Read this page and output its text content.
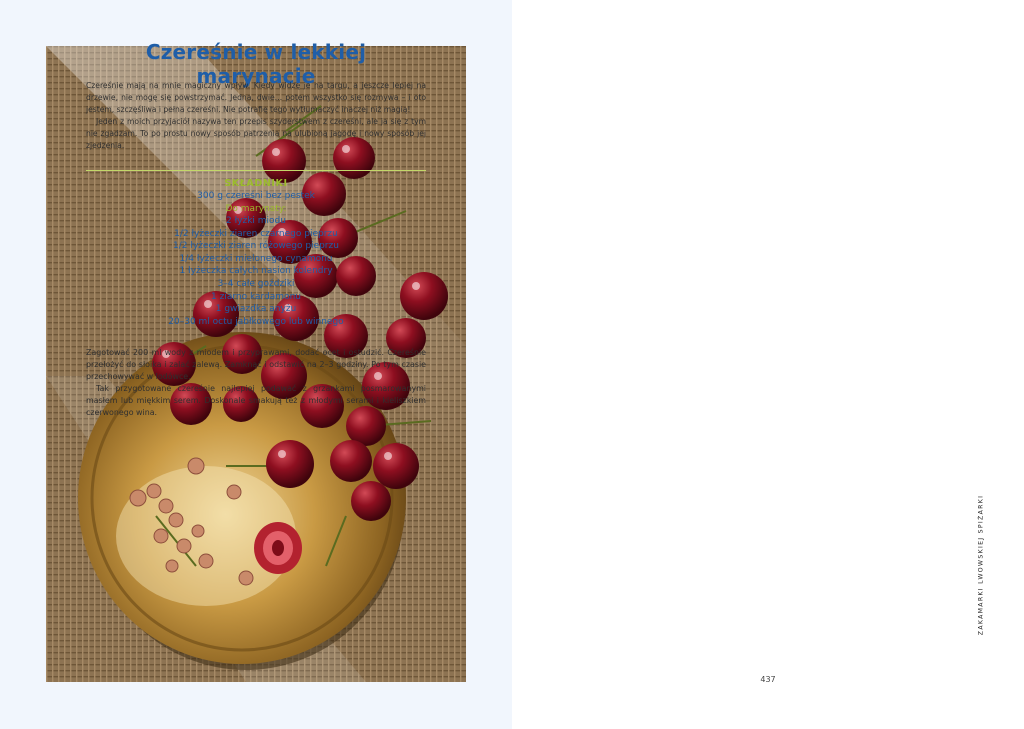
Czereśnie w lekkiej marynacie

Czereśnie mają na mnie magiczny wpływ. Kiedy widzę je na targu, a jeszcze lepiej na drzewie, nie mogę się powstrzymać. Jedna, dwie… potem wszystko się rozmywa – i oto jestem, szczęśliwa i pełna czereśni. Nie potrafię tego wytłumaczyć inaczej niż magią!

Jeden z moich przyjaciół nazywa ten przepis szyderstwem z czereśni, ale ja się z tym nie zgadzam. To po prostu nowy sposób patrzenia na ulubioną jagodę i nowy sposób jej zjedzenia.

SKŁADNIKI
300 g czereśni bez pestek
Do marynaty:
2 łyżki miodu
1/2 łyżeczki ziaren czarnego pieprzu
1/2 łyżeczki ziaren różowego pieprzu
1/4 łyżeczki mielonego cynamonu
1 łyżeczka całych nasion kolendry
3–4 całe goździki
1 ziarno kardamonu
1 gwiazdka anyżu
20–30 ml octu jabłkowego lub winnego

Zagotować 200 ml wody z miodem i przyprawami, dodać ocet i ostudzić. Czereśnie przełożyć do słoika i zalać zalewą. Zamknąć i odstawić na 2–3 godziny. Po tym czasie przechowywać w lodówce.

Tak przygotowane czereśnie najlepiej podawać z grzankami posmarowanymi masłem lub miękkim serem. Doskonale smakują też z młodymi serami i kieliszkiem czerwonego wina.

ZAKAMARKI LWOWSKIEJ SPIŻARKI
437
